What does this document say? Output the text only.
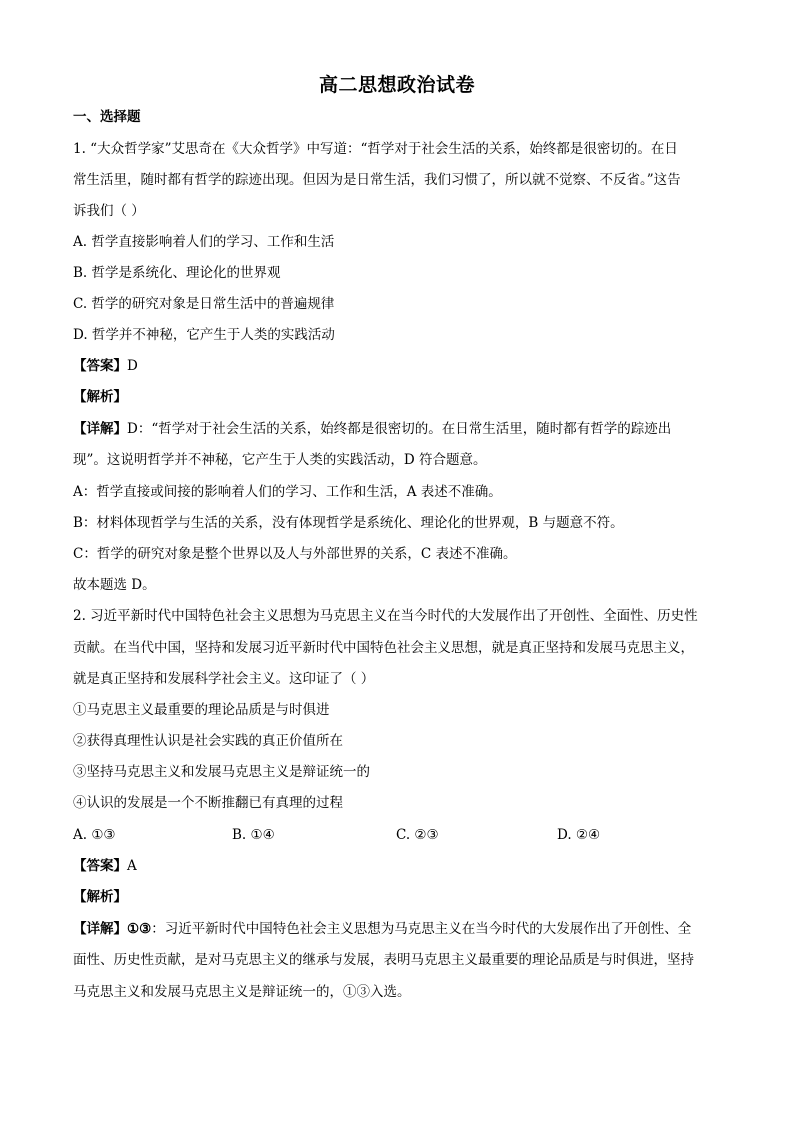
高二思想政治试卷
一、选择题
1. “大众哲学家”艾思奇在《大众哲学》中写道：“哲学对于社会生活的关系，始终都是很密切的。在日
常生活里，随时都有哲学的踪迹出现。但因为是日常生活，我们习惯了，所以就不觉察、不反省。”这告
诉我们（ ）
A. 哲学直接影响着人们的学习、工作和生活
B. 哲学是系统化、理论化的世界观
C. 哲学的研究对象是日常生活中的普遍规律
D. 哲学并不神秘，它产生于人类的实践活动
【答案】D
【解析】
【详解】D：“哲学对于社会生活的关系，始终都是很密切的。在日常生活里，随时都有哲学的踪迹出
现”。这说明哲学并不神秘，它产生于人类的实践活动，D 符合题意。
A：哲学直接或间接的影响着人们的学习、工作和生活，A 表述不准确。
B：材料体现哲学与生活的关系，没有体现哲学是系统化、理论化的世界观，B 与题意不符。
C：哲学的研究对象是整个世界以及人与外部世界的关系，C 表述不准确。
故本题选 D。
2. 习近平新时代中国特色社会主义思想为马克思主义在当今时代的大发展作出了开创性、全面性、历史性
贡献。在当代中国，坚持和发展习近平新时代中国特色社会主义思想，就是真正坚持和发展马克思主义，
就是真正坚持和发展科学社会主义。这印证了（ ）
①马克思主义最重要的理论品质是与时俱进
②获得真理性认识是社会实践的真正价值所在
③坚持马克思主义和发展马克思主义是辩证统一的
④认识的发展是一个不断推翻已有真理的过程
A. ①③	B. ①④	C. ②③	D. ②④
【答案】A
【解析】
【详解】①③：习近平新时代中国特色社会主义思想为马克思主义在当今时代的大发展作出了开创性、全
面性、历史性贡献，是对马克思主义的继承与发展，表明马克思主义最重要的理论品质是与时俱进，坚持
马克思主义和发展马克思主义是辩证统一的，①③入选。
